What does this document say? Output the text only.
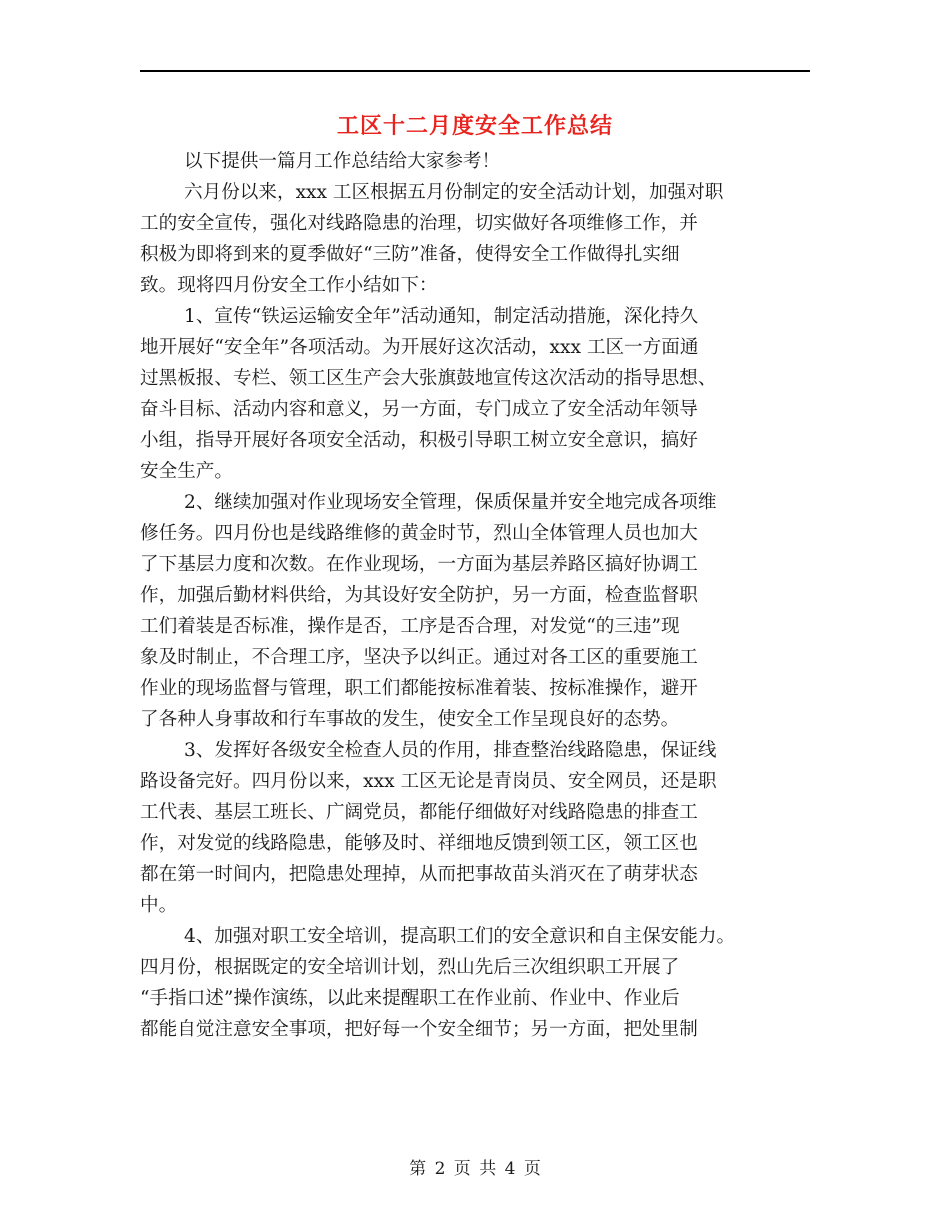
工区十二月度安全工作总结

以下提供一篇月工作总结给大家参考！

六月份以来，xxx 工区根据五月份制定的安全活动计划，加强对职
工的安全宣传，强化对线路隐患的治理，切实做好各项维修工作，并
积极为即将到来的夏季做好“三防”准备，使得安全工作做得扎实细
致。现将四月份安全工作小结如下：

1、宣传“铁运运输安全年”活动通知，制定活动措施，深化持久
地开展好“安全年”各项活动。为开展好这次活动，xxx 工区一方面通
过黑板报、专栏、领工区生产会大张旗鼓地宣传这次活动的指导思想、
奋斗目标、活动内容和意义，另一方面，专门成立了安全活动年领导
小组，指导开展好各项安全活动，积极引导职工树立安全意识，搞好
安全生产。

2、继续加强对作业现场安全管理，保质保量并安全地完成各项维
修任务。四月份也是线路维修的黄金时节，烈山全体管理人员也加大
了下基层力度和次数。在作业现场，一方面为基层养路区搞好协调工
作，加强后勤材料供给，为其设好安全防护，另一方面，检查监督职
工们着装是否标准，操作是否，工序是否合理，对发觉“的三违”现
象及时制止，不合理工序，坚决予以纠正。通过对各工区的重要施工
作业的现场监督与管理，职工们都能按标准着装、按标准操作，避开
了各种人身事故和行车事故的发生，使安全工作呈现良好的态势。

3、发挥好各级安全检查人员的作用，排查整治线路隐患，保证线
路设备完好。四月份以来，xxx 工区无论是青岗员、安全网员，还是职
工代表、基层工班长、广阔党员，都能仔细做好对线路隐患的排查工
作，对发觉的线路隐患，能够及时、祥细地反馈到领工区，领工区也
都在第一时间内，把隐患处理掉，从而把事故苗头消灭在了萌芽状态
中。

4、加强对职工安全培训，提高职工们的安全意识和自主保安能力。
四月份，根据既定的安全培训计划，烈山先后三次组织职工开展了
“手指口述”操作演练，以此来提醒职工在作业前、作业中、作业后
都能自觉注意安全事项，把好每一个安全细节；另一方面，把处里制

第 2 页 共 4 页
